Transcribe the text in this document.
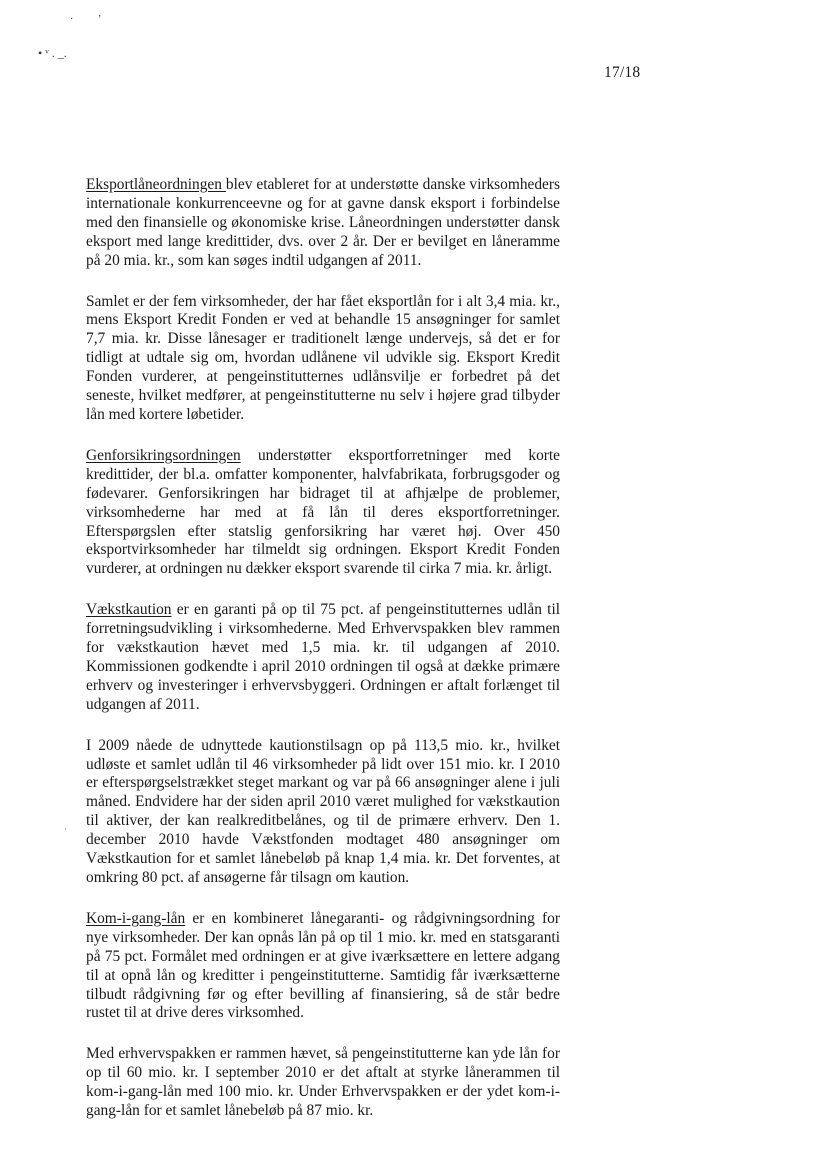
· ʼ
• ᵛ . _.
·
17/18

Eksportlåneordningen blev etableret for at understøtte danske virksomheders internationale konkurrenceevne og for at gavne dansk eksport i forbindelse med den finansielle og økonomiske krise. Låneordningen understøtter dansk eksport med lange kredittider, dvs. over 2 år. Der er bevilget en låneramme på 20 mia. kr., som kan søges indtil udgangen af 2011.

Samlet er der fem virksomheder, der har fået eksportlån for i alt 3,4 mia. kr., mens Eksport Kredit Fonden er ved at behandle 15 ansøgninger for samlet 7,7 mia. kr. Disse lånesager er traditionelt længe undervejs, så det er for tidligt at udtale sig om, hvordan udlånene vil udvikle sig. Eksport Kredit Fonden vurderer, at pengeinstitutternes udlånsvilje er forbedret på det seneste, hvilket medfører, at pengeinstitutterne nu selv i højere grad tilbyder lån med kortere løbetider.

Genforsikringsordningen understøtter eksportforretninger med korte kredittider, der bl.a. omfatter komponenter, halvfabrikata, forbrugsgoder og fødevarer. Genforsikringen har bidraget til at afhjælpe de problemer, virksomhederne har med at få lån til deres eksportforretninger. Efterspørgslen efter statslig genforsikring har været høj. Over 450 eksportvirksomheder har tilmeldt sig ordningen. Eksport Kredit Fonden vurderer, at ordningen nu dækker eksport svarende til cirka 7 mia. kr. årligt.

Vækstkaution er en garanti på op til 75 pct. af pengeinstitutternes udlån til forretningsudvikling i virksomhederne. Med Erhvervspakken blev rammen for vækstkaution hævet med 1,5 mia. kr. til udgangen af 2010. Kommissionen godkendte i april 2010 ordningen til også at dække primære erhverv og investeringer i erhvervsbyggeri. Ordningen er aftalt forlænget til udgangen af 2011.

I 2009 nåede de udnyttede kautionstilsagn op på 113,5 mio. kr., hvilket udløste et samlet udlån til 46 virksomheder på lidt over 151 mio. kr. I 2010 er efterspørgselstrækket steget markant og var på 66 ansøgninger alene i juli måned. Endvidere har der siden april 2010 været mulighed for vækstkaution til aktiver, der kan realkreditbelånes, og til de primære erhverv. Den 1. december 2010 havde Vækstfonden modtaget 480 ansøgninger om Vækstkaution for et samlet lånebeløb på knap 1,4 mia. kr. Det forventes, at omkring 80 pct. af ansøgerne får tilsagn om kaution.

Kom-i-gang-lån er en kombineret lånegaranti- og rådgivningsordning for nye virksomheder. Der kan opnås lån på op til 1 mio. kr. med en statsgaranti på 75 pct. Formålet med ordningen er at give iværksættere en lettere adgang til at opnå lån og kreditter i pengeinstitutterne. Samtidig får iværksætterne tilbudt rådgivning før og efter bevilling af finansiering, så de står bedre rustet til at drive deres virksomhed.

Med erhvervspakken er rammen hævet, så pengeinstitutterne kan yde lån for op til 60 mio. kr. I september 2010 er det aftalt at styrke lånerammen til kom-i-gang-lån med 100 mio. kr. Under Erhvervspakken er der ydet kom-i-gang-lån for et samlet lånebeløb på 87 mio. kr.
